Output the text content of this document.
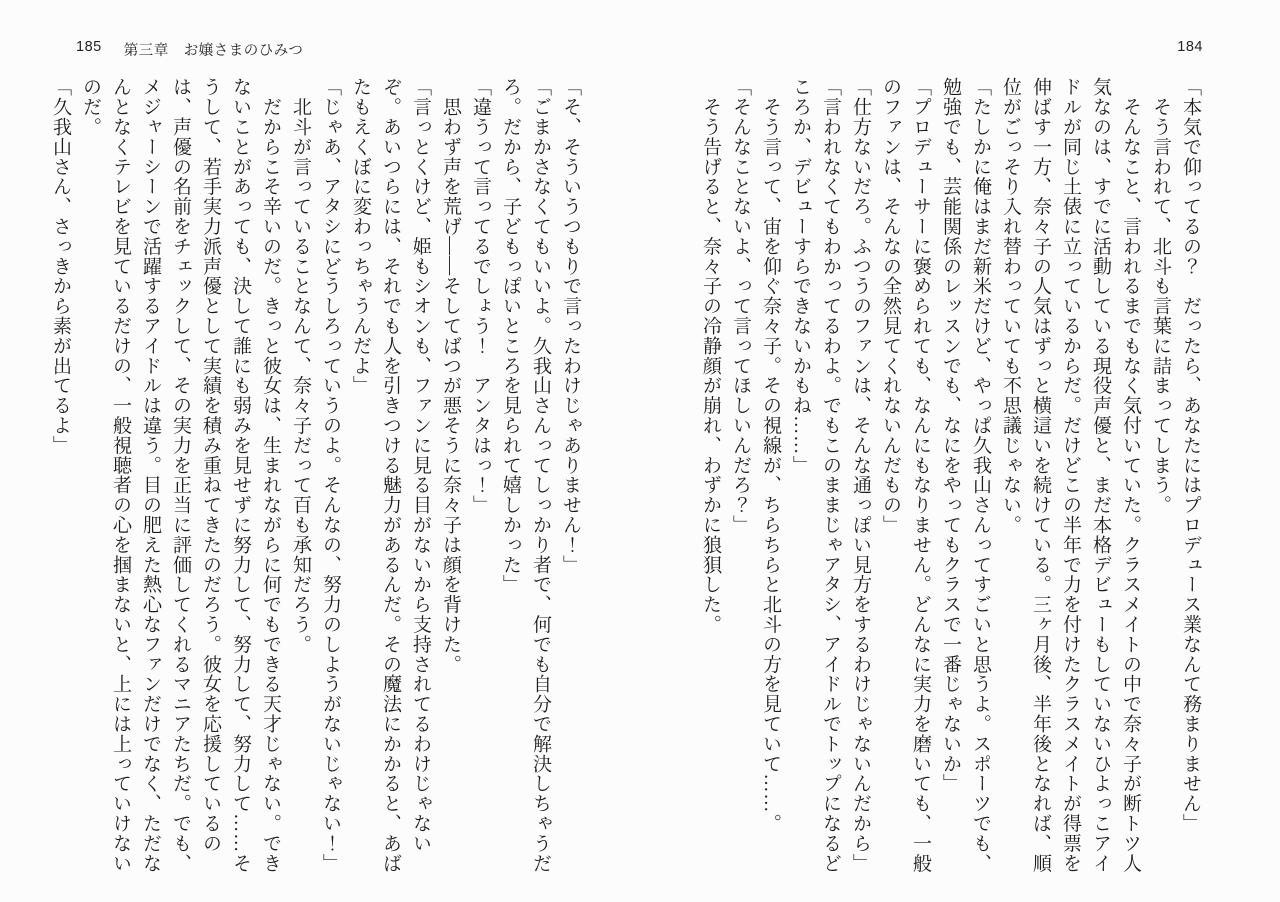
185 第三章　お嬢さまのひみつ

「そ、そういうつもりで言ったわけじゃありません！」

「ごまかさなくてもいいよ。久我山さんってしっかり者で、何でも自分で解決しちゃうだろ。だから、子どもっぽいところを見られて嬉しかった」

「違うって言ってるでしょう！　アンタはっ！」

　思わず声を荒げ――そしてばつが悪そうに奈々子は顔を背けた。

「言っとくけど、姫もシオンも、ファンに見る目がないから支持されてるわけじゃないぞ。あいつらには、それでも人を引きつける魅力があるんだ。その魔法にかかると、あばたもえくぼに変わっちゃうんだよ」

「じゃあ、アタシにどうしろっていうのよ。そんなの、努力のしようがないじゃない！」

　北斗が言っていることなんて、奈々子だって百も承知だろう。

　だからこそ辛いのだ。きっと彼女は、生まれながらに何でもできる天才じゃない。できないことがあっても、決して誰にも弱みを見せずに努力して、努力して、努力して……そうして、若手実力派声優として実績を積み重ねてきたのだろう。彼女を応援しているのは、声優の名前をチェックして、その実力を正当に評価してくれるマニアたちだ。でも、メジャーシーンで活躍するアイドルは違う。目の肥えた熱心なファンだけでなく、ただなんとなくテレビを見ているだけの、一般視聴者の心を掴まないと、上には上っていけないのだ。

「久我山さん、さっきから素が出てるよ」

184

「本気で仰ってるの？　だったら、あなたにはプロデュース業なんて務まりません」

　そう言われて、北斗も言葉に詰まってしまう。

　そんなこと、言われるまでもなく気付いていた。クラスメイトの中で奈々子が断トツ人気なのは、すでに活動している現役声優と、まだ本格デビューもしていないひよっこアイドルが同じ土俵に立っているからだ。だけどこの半年で力を付けたクラスメイトが得票を伸ばす一方、奈々子の人気はずっと横這いを続けている。三ヶ月後、半年後となれば、順位がごっそり入れ替わっていても不思議じゃない。

「たしかに俺はまだ新米だけど、やっぱ久我山さんってすごいと思うよ。スポーツでも、勉強でも、芸能関係のレッスンでも、なにをやってもクラスで一番じゃないか」

「プロデューサーに褒められても、なんにもなりません。どんなに実力を磨いても、一般のファンは、そんなの全然見てくれないんだもの」

「仕方ないだろ。ふつうのファンは、そんな通っぽい見方をするわけじゃないんだから」

「言われなくてもわかってるわよ。でもこのままじゃアタシ、アイドルでトップになるどころか、デビューすらできないかもね……」

　そう言って、宙を仰ぐ奈々子。その視線が、ちらちらと北斗の方を見ていて……。

「そんなことないよ、って言ってほしいんだろ？」

　そう告げると、奈々子の冷静顔が崩れ、わずかに狼狽した。
